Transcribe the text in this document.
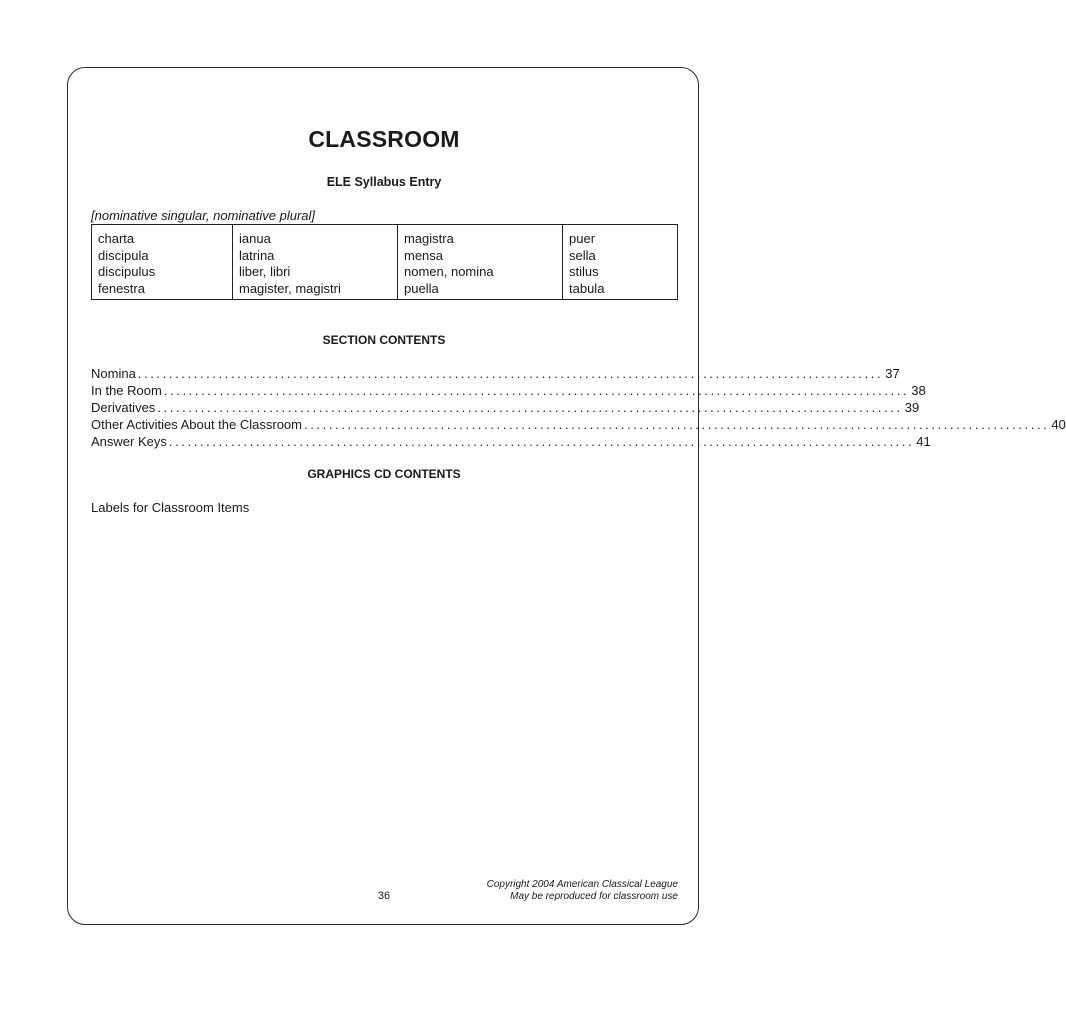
CLASSROOM
ELE Syllabus Entry
[nominative singular, nominative plural]
charta	ianua	magistra	puer
discipula	latrina	mensa	sella
discipulus	liber, libri	nomen, nomina	stilus
fenestra	magister, magistri	puella	tabula
SECTION CONTENTS
Nomina ........................................................................................................................ 37
In the Room ........................................................................................................................ 38
Derivatives ........................................................................................................................ 39
Other Activities About the Classroom ........................................................................................................................ 40
Answer Keys ........................................................................................................................ 41
GRAPHICS CD CONTENTS
Labels for Classroom Items
36
Copyright 2004 American Classical League
May be reproduced for classroom use
